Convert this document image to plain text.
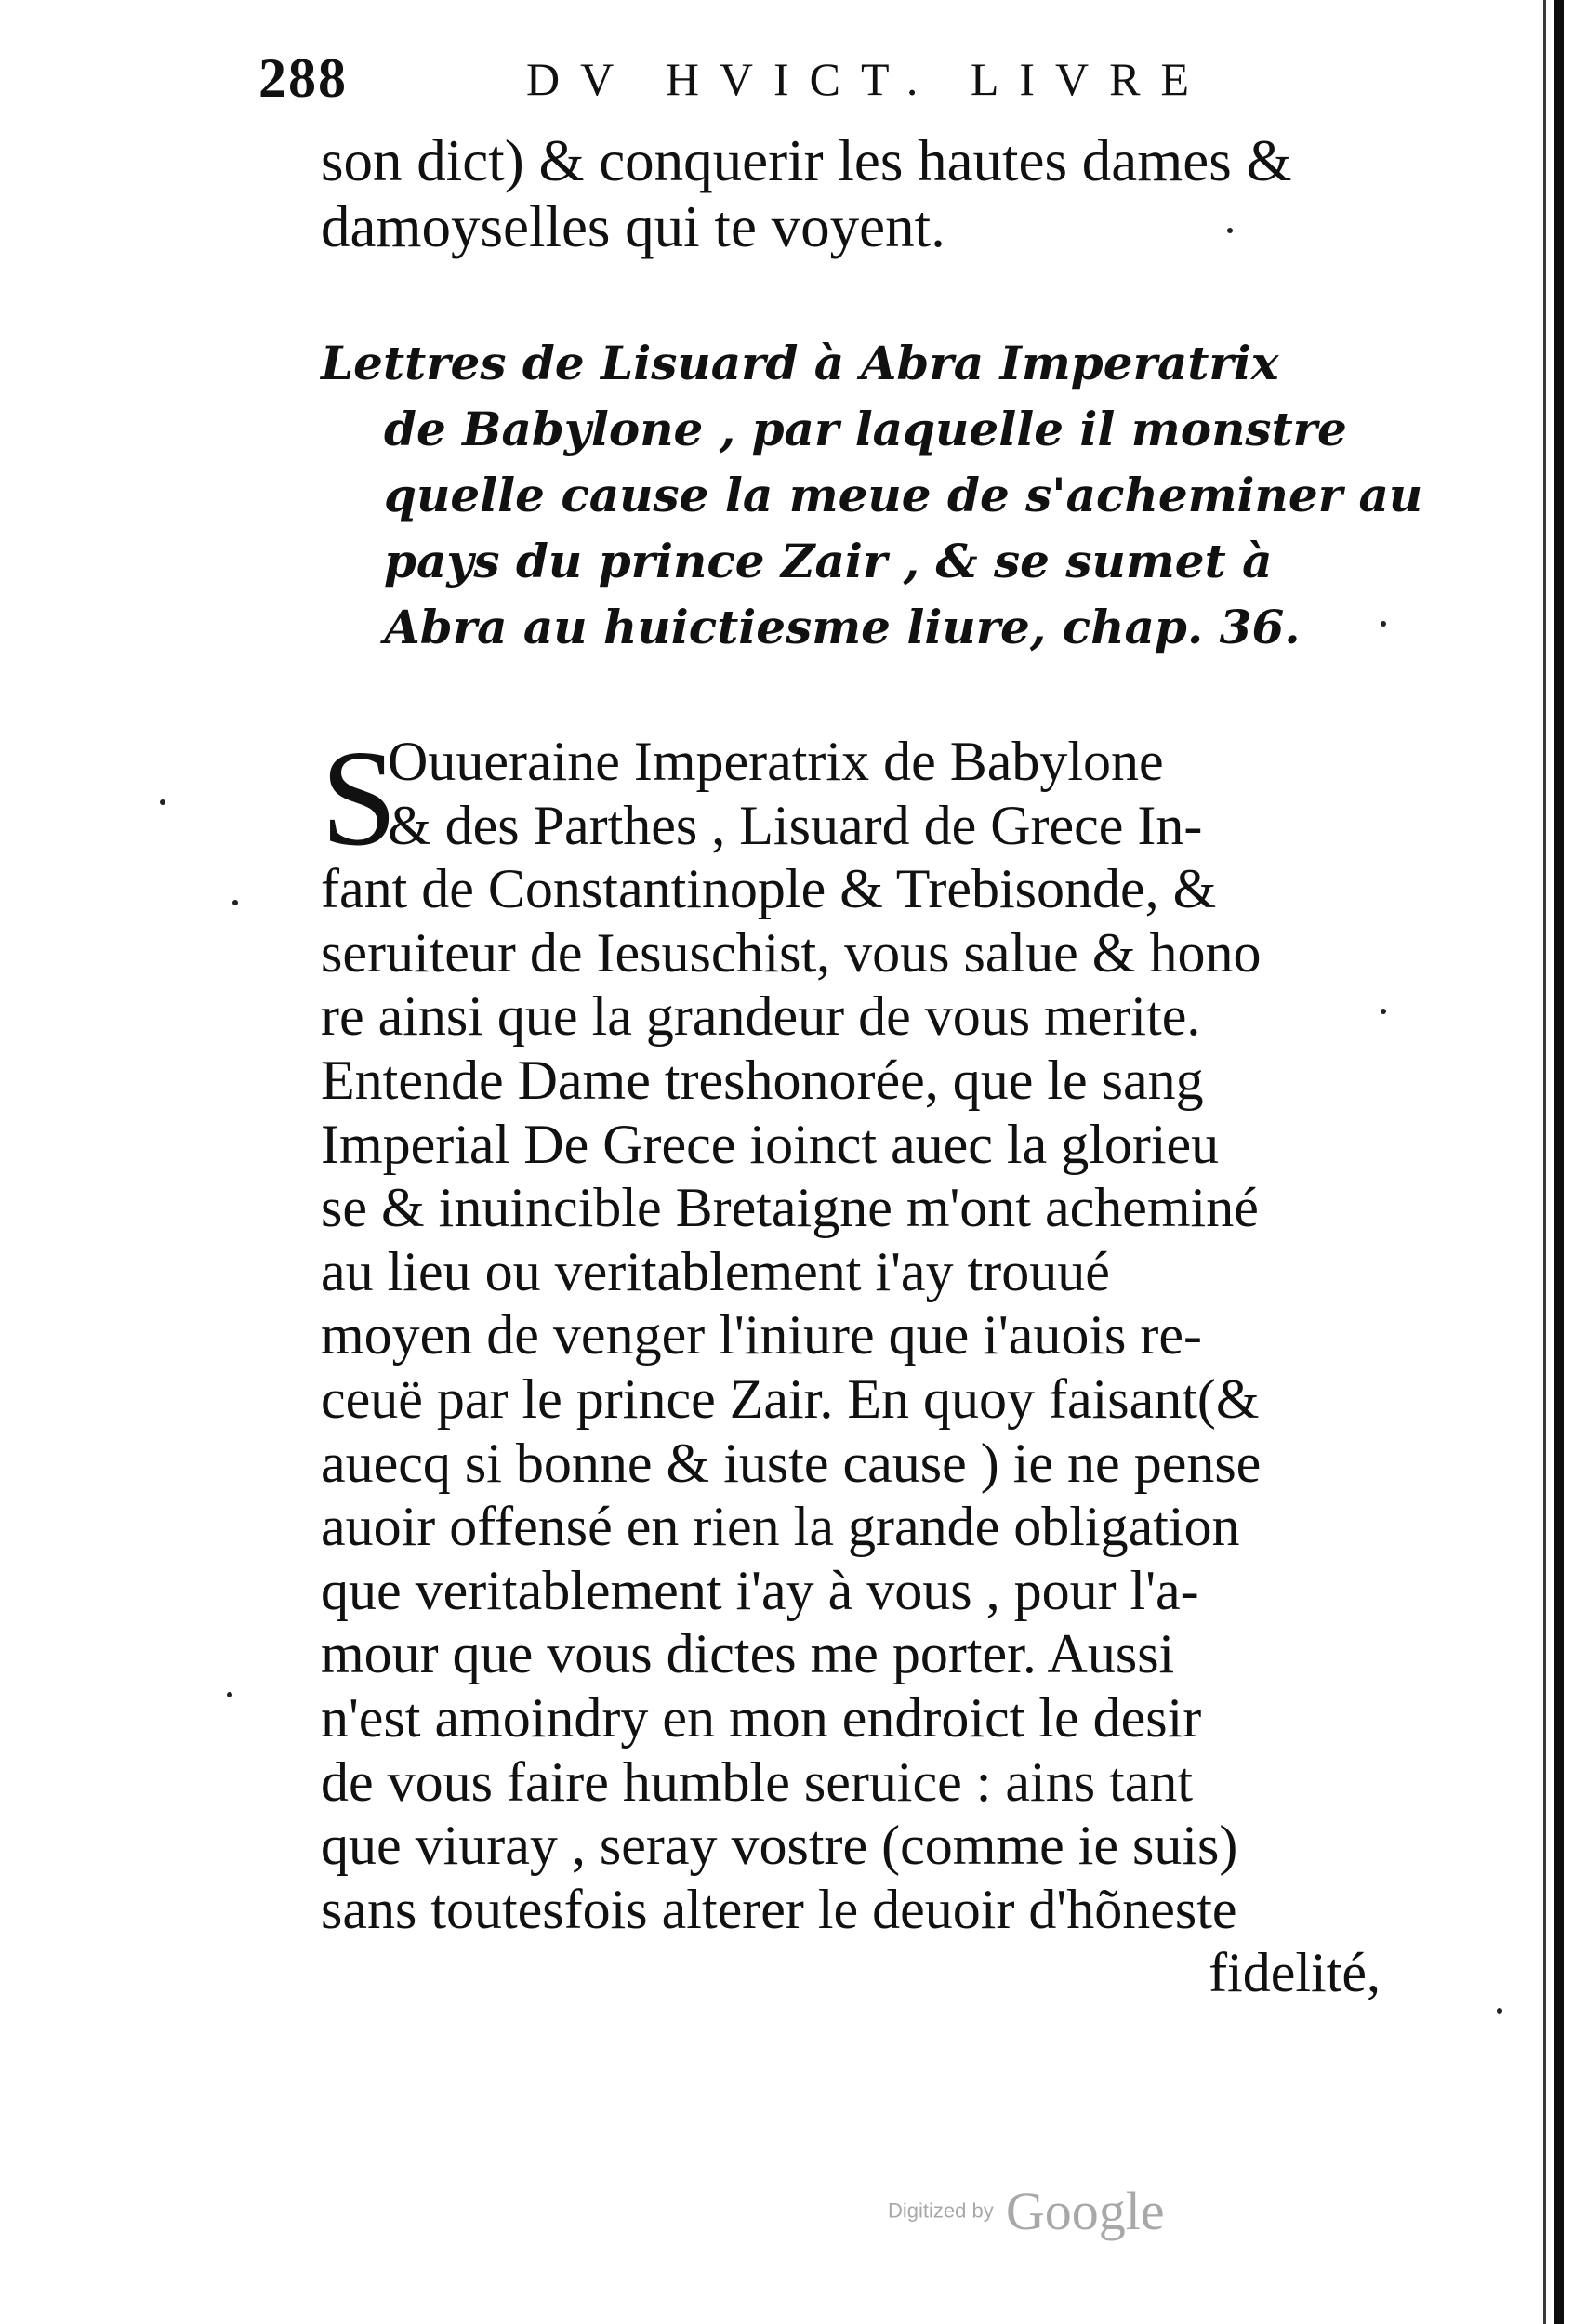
288	DV HVICT. LIVRE
son dict) & conquerir les hautes dames &
damoyselles qui te voyent.
Lettres de Lisuard à Abra Imperatrix
de Babylone , par laquelle il monstre
quelle cause la meue de s'acheminer au
pays du prince Zair , & se sumet à
Abra au huictiesme liure, chap. 36.
S
Ouueraine Imperatrix de Babylone
& des Parthes , Lisuard de Grece In-
fant de Constantinople & Trebisonde, &
seruiteur de Iesuschist, vous salue & hono
re ainsi que la grandeur de vous merite.
Entende Dame treshonorée, que le sang
Imperial De Grece ioinct auec la glorieu
se & inuincible Bretaigne m'ont acheminé
au lieu ou veritablement i'ay trouué
moyen de venger l'iniure que i'auois re-
ceuë par le prince Zair. En quoy faisant(&
auecq si bonne & iuste cause ) ie ne pense
auoir offensé en rien la grande obligation
que veritablement i'ay à vous , pour l'a-
mour que vous dictes me porter. Aussi
n'est amoindry en mon endroict le desir
de vous faire humble seruice : ains tant
que viuray , seray vostre (comme ie suis)
sans toutesfois alterer le deuoir d'hõneste
fidelité,
Digitized by Google
